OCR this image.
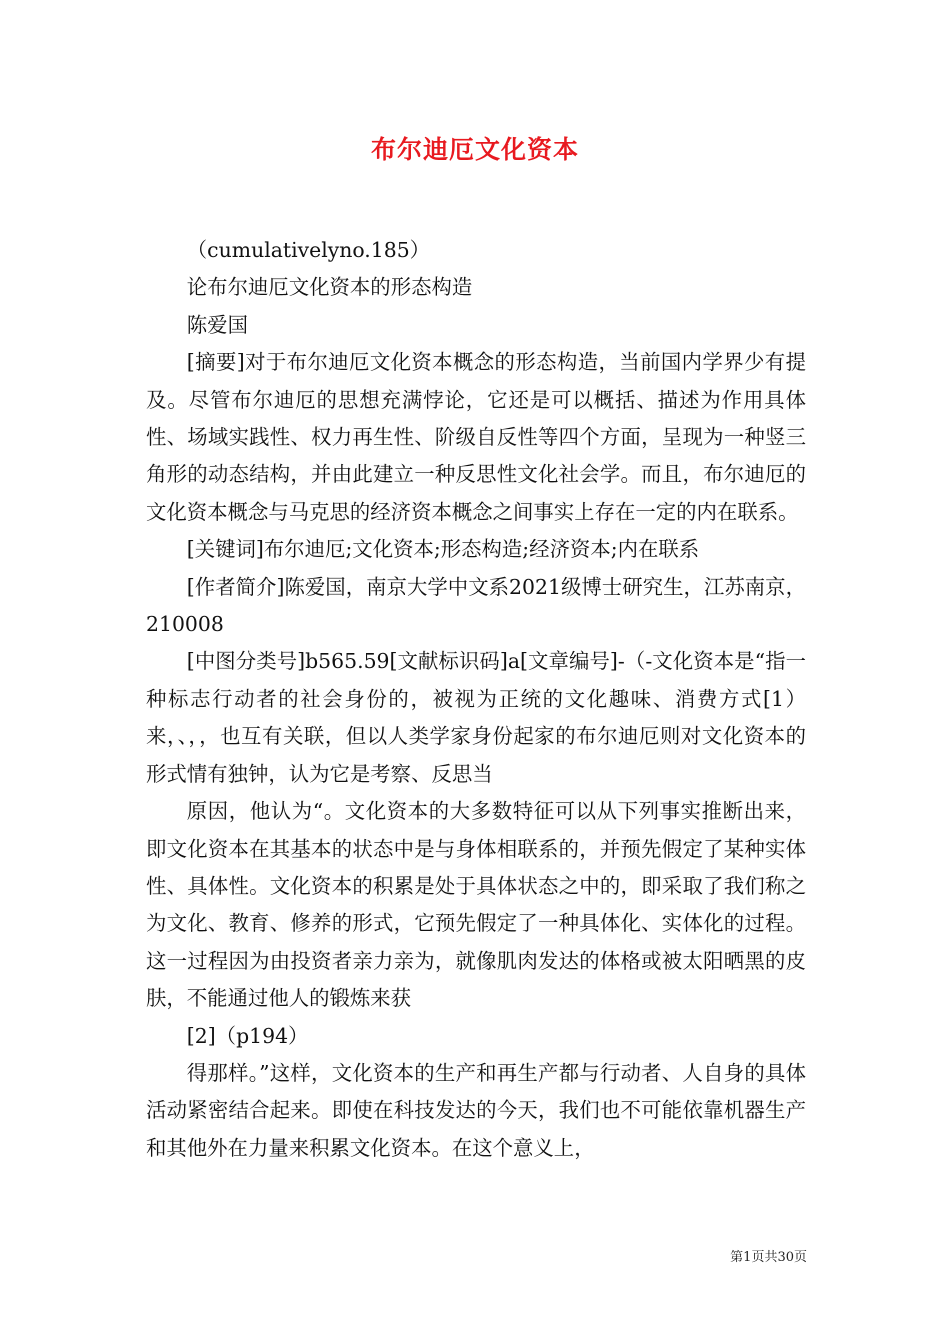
布尔迪厄文化资本

（cumulativelyno.185）

论布尔迪厄文化资本的形态构造

陈爱国

[摘要]对于布尔迪厄文化资本概念的形态构造，当前国内学界少有提及。尽管布尔迪厄的思想充满悖论，它还是可以概括、描述为作用具体性、场域实践性、权力再生性、阶级自反性等四个方面，呈现为一种竖三角形的动态结构，并由此建立一种反思性文化社会学。而且，布尔迪厄的文化资本概念与马克思的经济资本概念之间事实上存在一定的内在联系。

[关键词]布尔迪厄;文化资本;形态构造;经济资本;内在联系

[作者简介]陈爱国，南京大学中文系2021级博士研究生，江苏南京，210008

[中图分类号]b565.59[文献标识码]a[文章编号]-（-文化资本是“指一种标志行动者的社会身份的，被视为正统的文化趣味、消费方式[1）来，、，，也互有关联，但以人类学家身份起家的布尔迪厄则对文化资本的形式情有独钟，认为它是考察、反思当

原因，他认为“。文化资本的大多数特征可以从下列事实推断出来，即文化资本在其基本的状态中是与身体相联系的，并预先假定了某种实体性、具体性。文化资本的积累是处于具体状态之中的，即采取了我们称之为文化、教育、修养的形式，它预先假定了一种具体化、实体化的过程。这一过程因为由投资者亲力亲为，就像肌肉发达的体格或被太阳晒黑的皮肤，不能通过他人的锻炼来获

[2]（p194）

得那样。”这样，文化资本的生产和再生产都与行动者、人自身的具体活动紧密结合起来。即使在科技发达的今天，我们也不可能依靠机器生产和其他外在力量来积累文化资本。在这个意义上，

第1页共30页
